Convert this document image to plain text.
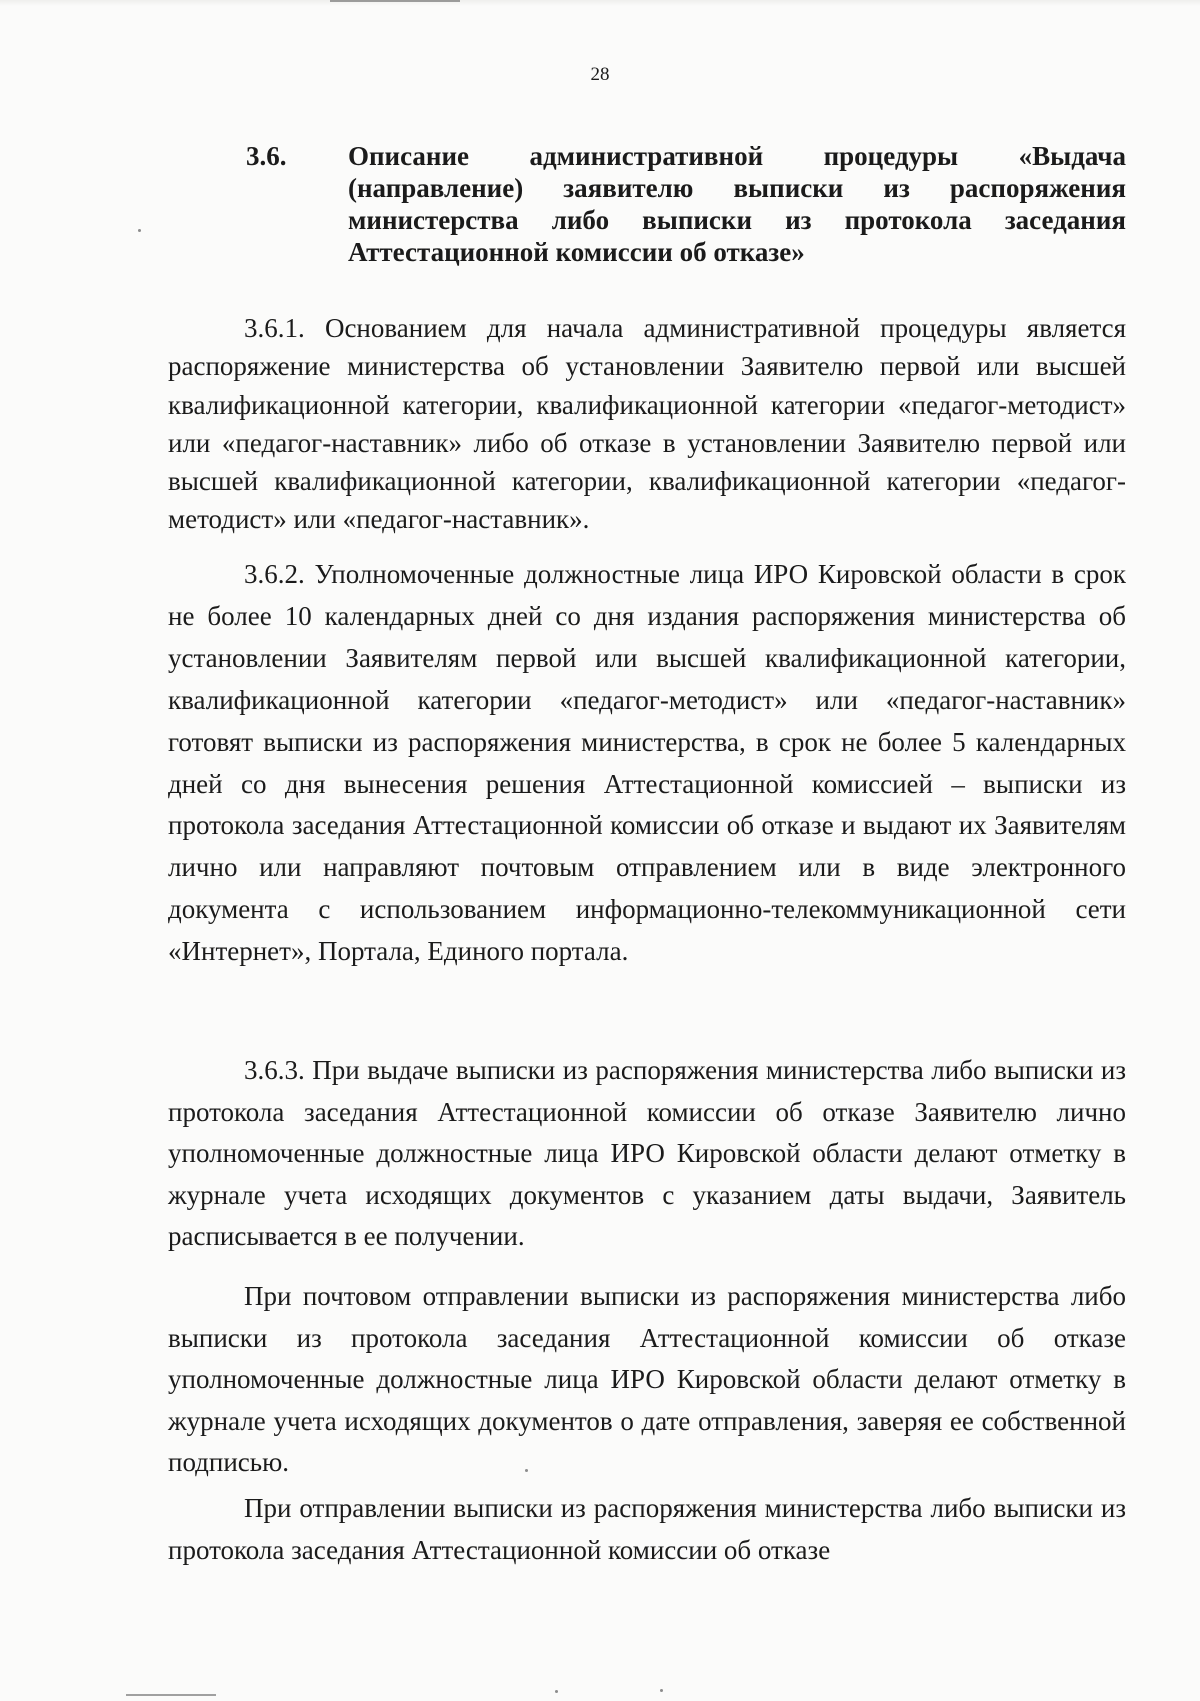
28
3.6. Описание административной процедуры «Выдача (направление) заявителю выписки из распоряжения министерства либо выписки из протокола заседания Аттестационной комиссии об отказе»

3.6.1. Основанием для начала административной процедуры является распоряжение министерства об установлении Заявителю первой или высшей квалификационной категории, квалификационной категории «педагог-методист» или «педагог-наставник» либо об отказе в установлении Заявителю первой или высшей квалификационной категории, квалификационной категории «педагог-методист» или «педагог-наставник».

3.6.2. Уполномоченные должностные лица ИРО Кировской области в срок не более 10 календарных дней со дня издания распоряжения министерства об установлении Заявителям первой или высшей квалификационной категории, квалификационной категории «педагог-методист» или «педагог-наставник» готовят выписки из распоряжения министерства, в срок не более 5 календарных дней со дня вынесения решения Аттестационной комиссией – выписки из протокола заседания Аттестационной комиссии об отказе и выдают их Заявителям лично или направляют почтовым отправлением или в виде электронного документа с использованием информационно-телекоммуникационной сети «Интернет», Портала, Единого портала.

3.6.3. При выдаче выписки из распоряжения министерства либо выписки из протокола заседания Аттестационной комиссии об отказе Заявителю лично уполномоченные должностные лица ИРО Кировской области делают отметку в журнале учета исходящих документов с указанием даты выдачи, Заявитель расписывается в ее получении.

При почтовом отправлении выписки из распоряжения министерства либо выписки из протокола заседания Аттестационной комиссии об отказе уполномоченные должностные лица ИРО Кировской области делают отметку в журнале учета исходящих документов о дате отправления, заверяя ее собственной подписью.

При отправлении выписки из распоряжения министерства либо выписки из протокола заседания Аттестационной комиссии об отказе
